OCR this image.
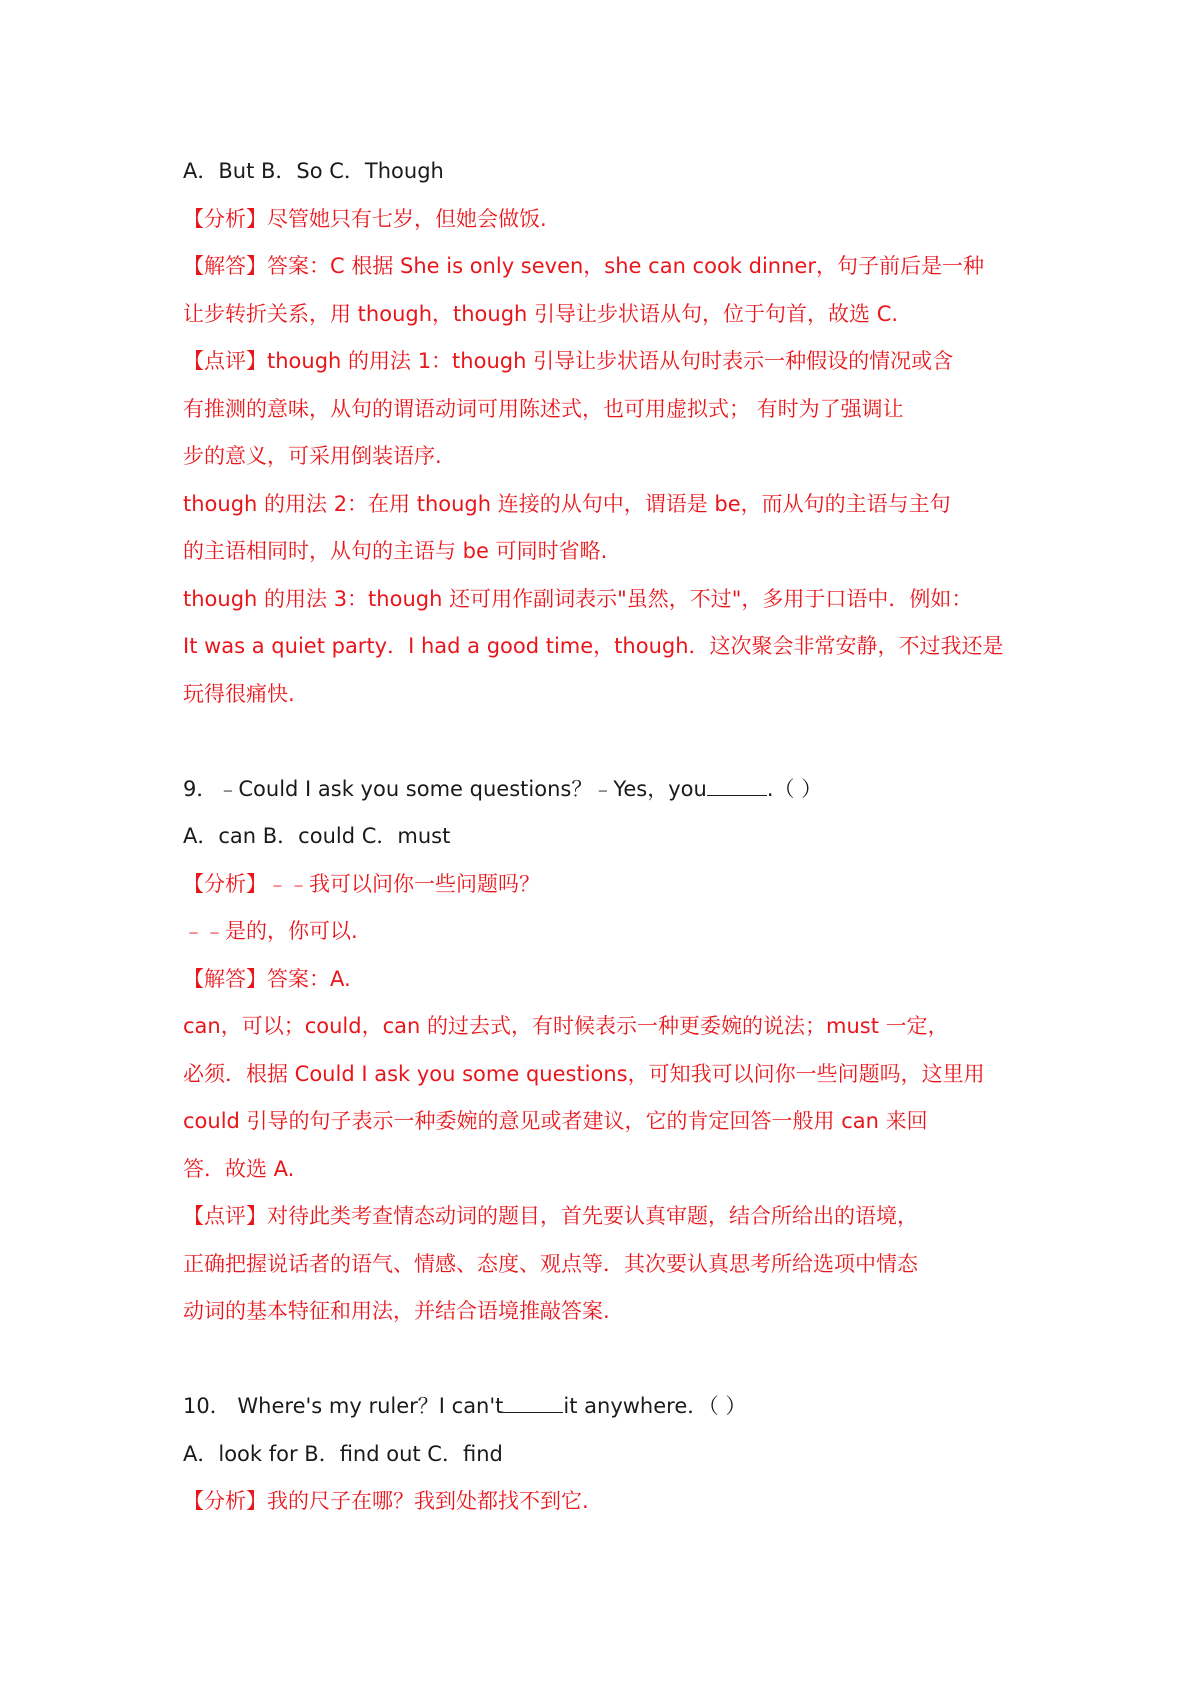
A．But B．So C．Though

【分析】尽管她只有七岁，但她会做饭.

【解答】答案：C 根据 She is only seven，she can cook dinner，句子前后是一种

让步转折关系，用 though，though 引导让步状语从句，位于句首，故选 C.

【点评】though 的用法 1：though 引导让步状语从句时表示一种假设的情况或含

有推测的意味，从句的谓语动词可用陈述式，也可用虚拟式； 有时为了强调让

步的意义，可采用倒装语序.

though 的用法 2：在用 though 连接的从句中，谓语是 be，而从句的主语与主句

的主语相同时，从句的主语与 be 可同时省略.

though 的用法 3：though 还可用作副词表示"虽然，不过"，多用于口语中．例如：

It was a quiet party．I had a good time，though．这次聚会非常安静，不过我还是

玩得很痛快.

9．﹣Could I ask you some questions？﹣Yes，you	.（ ）

A．can B．could C．must

【分析】﹣﹣我可以问你一些问题吗？

﹣﹣是的，你可以.

【解答】答案：A.

can，可以；could，can 的过去式，有时候表示一种更委婉的说法；must 一定，

必须．根据 Could I ask you some questions，可知我可以问你一些问题吗，这里用

could 引导的句子表示一种委婉的意见或者建议，它的肯定回答一般用 can 来回

答．故选 A.

【点评】对待此类考查情态动词的题目，首先要认真审题，结合所给出的语境，

正确把握说话者的语气、情感、态度、观点等．其次要认真思考所给选项中情态

动词的基本特征和用法，并结合语境推敲答案.

10． Where's my ruler？I can't	it anywhere．（ ）

A．look for B．find out C．find

【分析】我的尺子在哪？我到处都找不到它.
